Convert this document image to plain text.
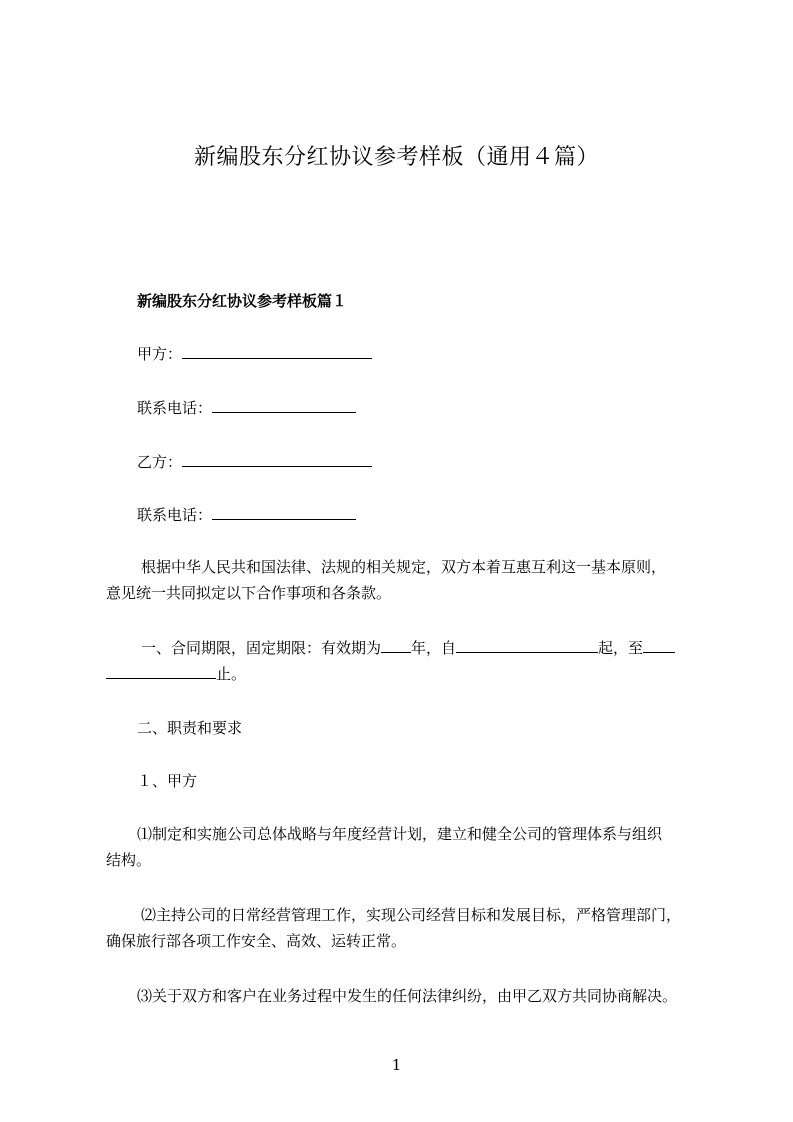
新编股东分红协议参考样板（通用４篇）
新编股东分红协议参考样板篇１
甲方：
联系电话：
乙方：
联系电话：
根据中华人民共和国法律、法规的相关规定，双方本着互惠互利这一基本原则，
意见统一共同拟定以下合作事项和各条款。
一、合同期限，固定期限：有效期为 年，自	起，至
止。
二、职责和要求
１、甲方
⑴制定和实施公司总体战略与年度经营计划，建立和健全公司的管理体系与组织
结构。
⑵主持公司的日常经营管理工作，实现公司经营目标和发展目标，严格管理部门，
确保旅行部各项工作安全、高效、运转正常。
⑶关于双方和客户在业务过程中发生的任何法律纠纷，由甲乙双方共同协商解决。
1
